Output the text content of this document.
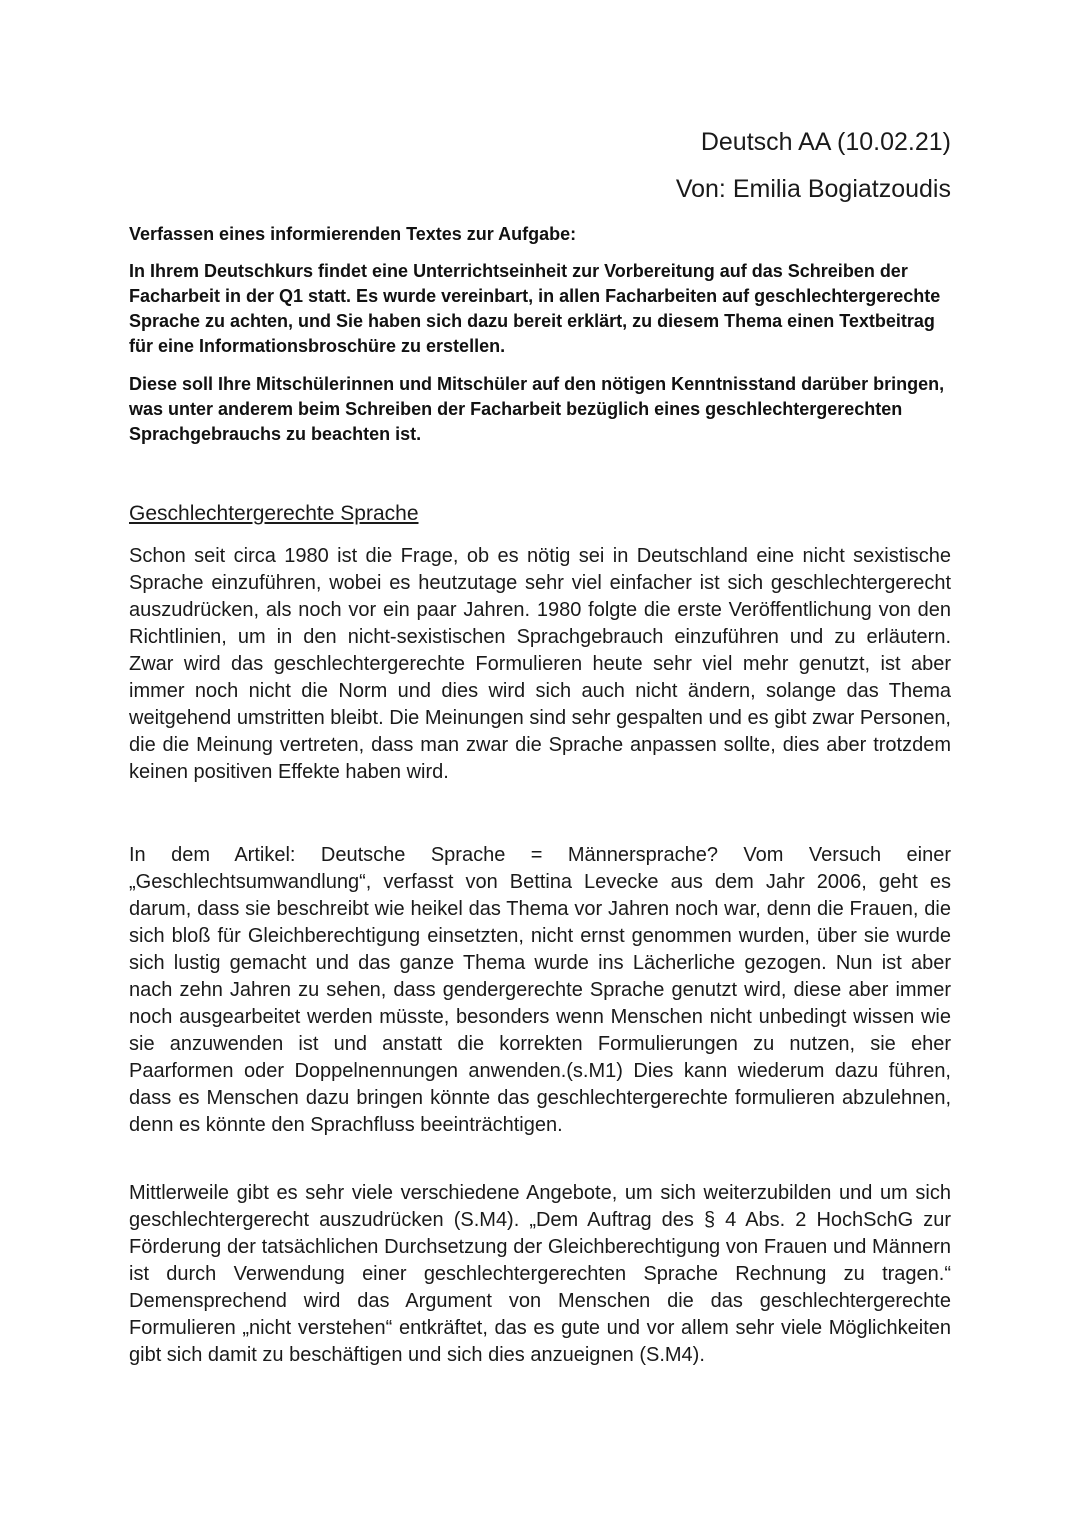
Deutsch AA (10.02.21)
Von: Emilia Bogiatzoudis
Verfassen eines informierenden Textes zur Aufgabe:
In Ihrem Deutschkurs findet eine Unterrichtseinheit zur Vorbereitung auf das Schreiben der Facharbeit in der Q1 statt. Es wurde vereinbart, in allen Facharbeiten auf geschlechtergerechte Sprache zu achten, und Sie haben sich dazu bereit erklärt, zu diesem Thema einen Textbeitrag für eine Informationsbroschüre zu erstellen.
Diese soll Ihre Mitschülerinnen und Mitschüler auf den nötigen Kenntnisstand darüber bringen, was unter anderem beim Schreiben der Facharbeit bezüglich eines geschlechtergerechten Sprachgebrauchs zu beachten ist.
Geschlechtergerechte Sprache
Schon seit circa 1980 ist die Frage, ob es nötig sei in Deutschland eine nicht sexistische Sprache einzuführen, wobei es heutzutage sehr viel einfacher ist sich geschlechtergerecht auszudrücken, als noch vor ein paar Jahren. 1980 folgte die erste Veröffentlichung von den Richtlinien, um in den nicht-sexistischen Sprachgebrauch einzuführen und zu erläutern. Zwar wird das geschlechtergerechte Formulieren heute sehr viel mehr genutzt, ist aber immer noch nicht die Norm und dies wird sich auch nicht ändern, solange das Thema weitgehend umstritten bleibt. Die Meinungen sind sehr gespalten und es gibt zwar Personen, die die Meinung vertreten, dass man zwar die Sprache anpassen sollte, dies aber trotzdem keinen positiven Effekte haben wird.
In dem Artikel: Deutsche Sprache = Männersprache? Vom Versuch einer „Geschlechtsumwandlung“, verfasst von Bettina Levecke aus dem Jahr 2006, geht es darum, dass sie beschreibt wie heikel das Thema vor Jahren noch war, denn die Frauen, die sich bloß für Gleichberechtigung einsetzten, nicht ernst genommen wurden, über sie wurde sich lustig gemacht und das ganze Thema wurde ins Lächerliche gezogen. Nun ist aber nach zehn Jahren zu sehen, dass gendergerechte Sprache genutzt wird, diese aber immer noch ausgearbeitet werden müsste, besonders wenn Menschen nicht unbedingt wissen wie sie anzuwenden ist und anstatt die korrekten Formulierungen zu nutzen, sie eher Paarformen oder Doppelnennungen anwenden.(s.M1) Dies kann wiederum dazu führen, dass es Menschen dazu bringen könnte das geschlechtergerechte formulieren abzulehnen, denn es könnte den Sprachfluss beeinträchtigen.
Mittlerweile gibt es sehr viele verschiedene Angebote, um sich weiterzubilden und um sich geschlechtergerecht auszudrücken (S.M4). „Dem Auftrag des § 4 Abs. 2 HochSchG zur Förderung der tatsächlichen Durchsetzung der Gleichberechtigung von Frauen und Männern ist durch Verwendung einer geschlechtergerechten Sprache Rechnung zu tragen.“ Demensprechend wird das Argument von Menschen die das geschlechtergerechte Formulieren „nicht verstehen“ entkräftet, das es gute und vor allem sehr viele Möglichkeiten gibt sich damit zu beschäftigen und sich dies anzueignen (S.M4).
